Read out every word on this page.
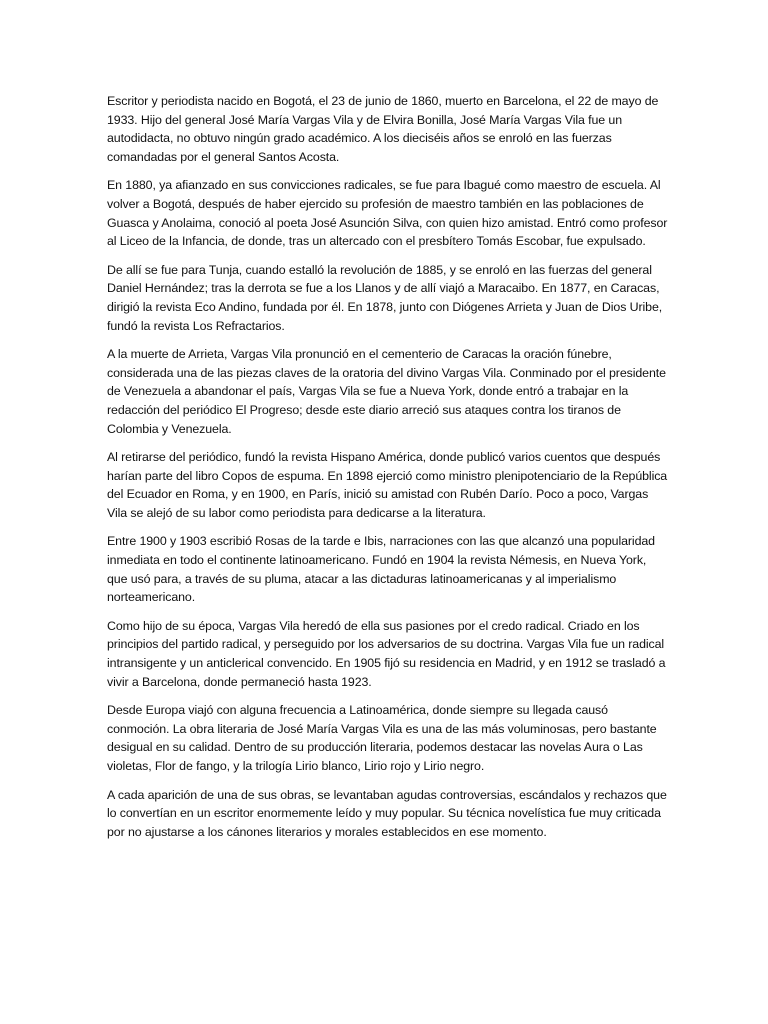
Escritor y periodista nacido en Bogotá, el 23 de junio de 1860, muerto en Barcelona, el 22 de mayo de 1933. Hijo del general José María Vargas Vila y de Elvira Bonilla, José María Vargas Vila fue un autodidacta, no obtuvo ningún grado académico. A los dieciséis años se enroló en las fuerzas comandadas por el general Santos Acosta.

En 1880, ya afianzado en sus convicciones radicales, se fue para Ibagué como maestro de escuela. Al volver a Bogotá, después de haber ejercido su profesión de maestro también en las poblaciones de Guasca y Anolaima, conoció al poeta José Asunción Silva, con quien hizo amistad. Entró como profesor al Liceo de la Infancia, de donde, tras un altercado con el presbítero Tomás Escobar, fue expulsado.

De allí se fue para Tunja, cuando estalló la revolución de 1885, y se enroló en las fuerzas del general Daniel Hernández; tras la derrota se fue a los Llanos y de allí viajó a Maracaibo. En 1877, en Caracas, dirigió la revista Eco Andino, fundada por él. En 1878, junto con Diógenes Arrieta y Juan de Dios Uribe, fundó la revista Los Refractarios.

A la muerte de Arrieta, Vargas Vila pronunció en el cementerio de Caracas la oración fúnebre, considerada una de las piezas claves de la oratoria del divino Vargas Vila. Conminado por el presidente de Venezuela a abandonar el país, Vargas Vila se fue a Nueva York, donde entró a trabajar en la redacción del periódico El Progreso; desde este diario arreció sus ataques contra los tiranos de Colombia y Venezuela.

Al retirarse del periódico, fundó la revista Hispano América, donde publicó varios cuentos que después harían parte del libro Copos de espuma. En 1898 ejerció como ministro plenipotenciario de la República del Ecuador en Roma, y en 1900, en París, inició su amistad con Rubén Darío. Poco a poco, Vargas Vila se alejó de su labor como periodista para dedicarse a la literatura.

Entre 1900 y 1903 escribió Rosas de la tarde e Ibis, narraciones con las que alcanzó una popularidad inmediata en todo el continente latinoamericano. Fundó en 1904 la revista Némesis, en Nueva York, que usó para, a través de su pluma, atacar a las dictaduras latinoamericanas y al imperialismo norteamericano.

Como hijo de su época, Vargas Vila heredó de ella sus pasiones por el credo radical. Criado en los principios del partido radical, y perseguido por los adversarios de su doctrina. Vargas Vila fue un radical intransigente y un anticlerical convencido. En 1905 fijó su residencia en Madrid, y en 1912 se trasladó a vivir a Barcelona, donde permaneció hasta 1923.

Desde Europa viajó con alguna frecuencia a Latinoamérica, donde siempre su llegada causó conmoción. La obra literaria de José María Vargas Vila es una de las más voluminosas, pero bastante desigual en su calidad. Dentro de su producción literaria, podemos destacar las novelas Aura o Las violetas, Flor de fango, y la trilogía Lirio blanco, Lirio rojo y Lirio negro.

A cada aparición de una de sus obras, se levantaban agudas controversias, escándalos y rechazos que lo convertían en un escritor enormemente leído y muy popular. Su técnica novelística fue muy criticada por no ajustarse a los cánones literarios y morales establecidos en ese momento.
